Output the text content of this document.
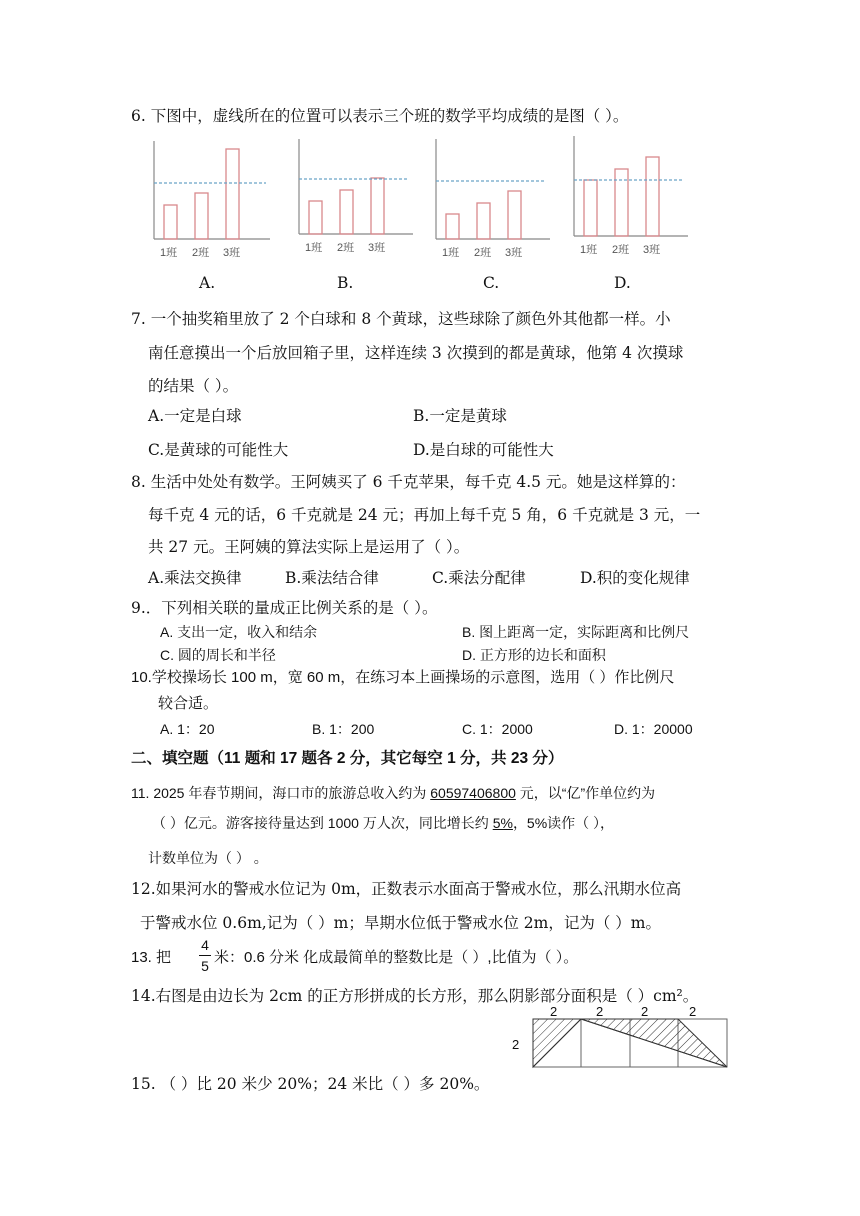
6. 下图中，虚线所在的位置可以表示三个班的数学平均成绩的是图（ ）。
1班 2班 3班
A.
1班 2班 3班
B.
1班 2班 3班
C.
1班 2班 3班
D.
7. 一个抽奖箱里放了 2 个白球和 8 个黄球，这些球除了颜色外其他都一样。小
南任意摸出一个后放回箱子里，这样连续 3 次摸到的都是黄球，他第 4 次摸球
的结果（ ）。
A.一定是白球	B.一定是黄球
C.是黄球的可能性大	D.是白球的可能性大
8. 生活中处处有数学。王阿姨买了 6 千克苹果，每千克 4.5 元。她是这样算的：
每千克 4 元的话，6 千克就是 24 元；再加上每千克 5 角，6 千克就是 3 元，一
共 27 元。王阿姨的算法实际上是运用了（ ）。
A.乘法交换律	B.乘法结合律	C.乘法分配律	D.积的变化规律
9.．下列相关联的量成正比例关系的是（ ）。
A. 支出一定，收入和结余	B. 图上距离一定，实际距离和比例尺
C. 圆的周长和半径	D. 正方形的边长和面积
10.学校操场长 100 m，宽 60 m，在练习本上画操场的示意图，选用（ ）作比例尺
较合适。
A. 1：20	B. 1：200	C. 1：2000	D. 1：20000
二、填空题（11 题和 17 题各 2 分，其它每空 1 分，共 23 分）
11. 2025 年春节期间，海口市的旅游总收入约为 60597406800 元，以“亿”作单位约为
（ ）亿元。游客接待量达到 1000 万人次，同比增长约 5%，5%读作（ ），
计数单位为（ ） 。
12.如果河水的警戒水位记为 0m，正数表示水面高于警戒水位，那么汛期水位高
于警戒水位 0.6m,记为（ ）m；旱期水位低于警戒水位 2m，记为（ ）m。
13. 把
4
5 米：0.6 分米 化成最简单的整数比是（ ）,比值为（ ）。
14.右图是由边长为 2cm 的正方形拼成的长方形，那么阴影部分面积是（ ）cm²。
2	2	2	2
2
15. （ ）比 20 米少 20%；24 米比（ ）多 20%。
